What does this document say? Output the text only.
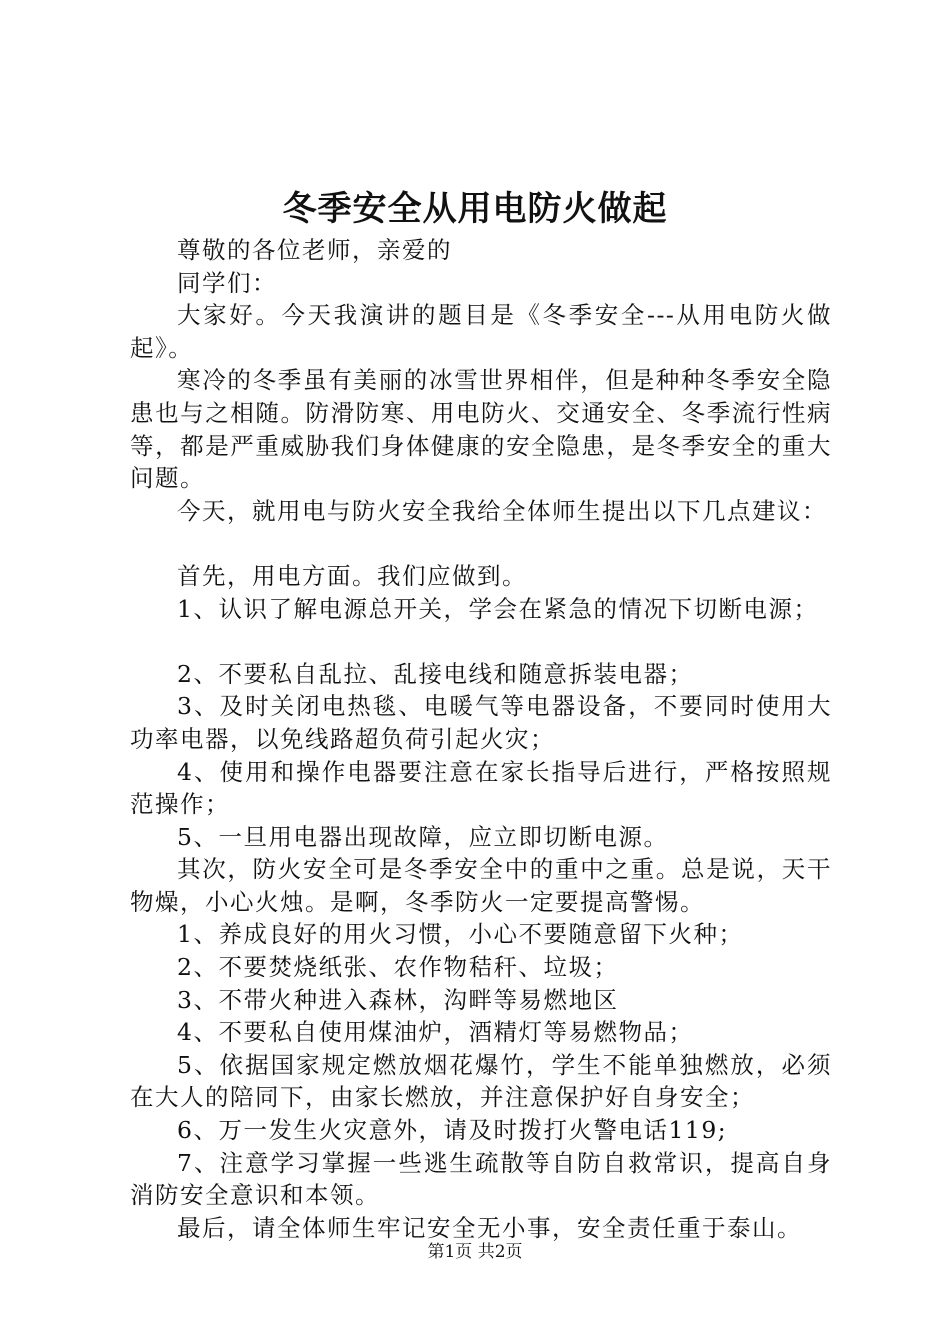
冬季安全从用电防火做起

尊敬的各位老师，亲爱的

同学们：

大家好。今天我演讲的题目是《冬季安全---从用电防火做起》。

寒冷的冬季虽有美丽的冰雪世界相伴，但是种种冬季安全隐患也与之相随。防滑防寒、用电防火、交通安全、冬季流行性病等，都是严重威胁我们身体健康的安全隐患，是冬季安全的重大问题。

今天，就用电与防火安全我给全体师生提出以下几点建议：

首先，用电方面。我们应做到。

1、认识了解电源总开关，学会在紧急的情况下切断电源；

2、不要私自乱拉、乱接电线和随意拆装电器；

3、及时关闭电热毯、电暖气等电器设备，不要同时使用大功率电器，以免线路超负荷引起火灾；

4、使用和操作电器要注意在家长指导后进行，严格按照规范操作；

5、一旦用电器出现故障，应立即切断电源。

其次，防火安全可是冬季安全中的重中之重。总是说，天干物燥，小心火烛。是啊，冬季防火一定要提高警惕。

1、养成良好的用火习惯，小心不要随意留下火种；

2、不要焚烧纸张、农作物秸秆、垃圾；

3、不带火种进入森林，沟畔等易燃地区

4、不要私自使用煤油炉，酒精灯等易燃物品；

5、依据国家规定燃放烟花爆竹，学生不能单独燃放，必须在大人的陪同下，由家长燃放，并注意保护好自身安全；

6、万一发生火灾意外，请及时拨打火警电话119;

7、注意学习掌握一些逃生疏散等自防自救常识，提高自身消防安全意识和本领。

最后，请全体师生牢记安全无小事，安全责任重于泰山。

第1页 共2页
